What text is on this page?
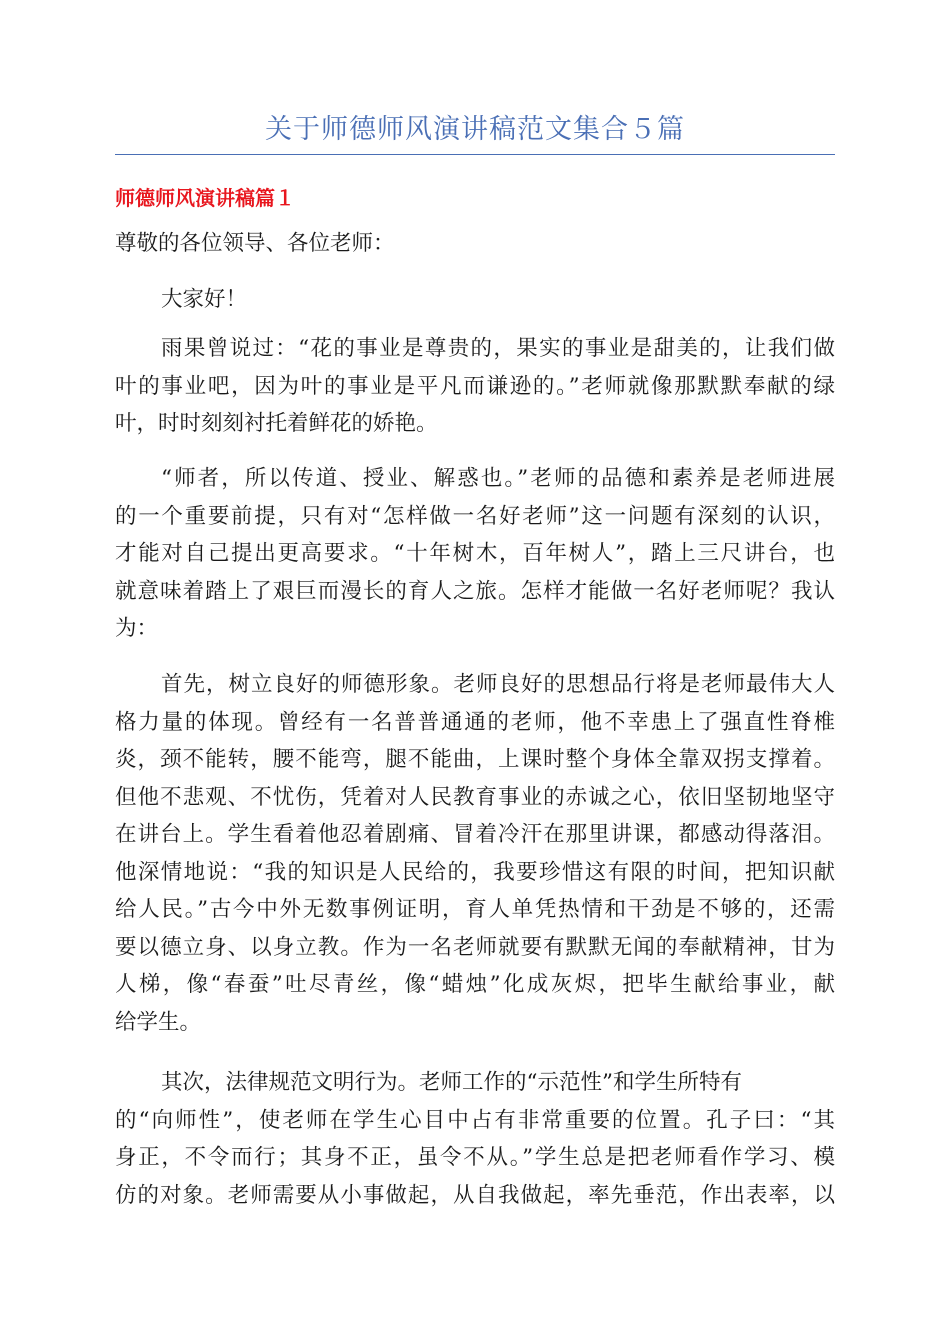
关于师德师风演讲稿范文集合５篇
师德师风演讲稿篇１
尊敬的各位领导、各位老师：
大家好！
雨果曾说过：“花的事业是尊贵的，果实的事业是甜美的，让我们做
叶的事业吧，因为叶的事业是平凡而谦逊的。”老师就像那默默奉献的绿
叶，时时刻刻衬托着鲜花的娇艳。
“师者，所以传道、授业、解惑也。”老师的品德和素养是老师进展
的一个重要前提，只有对“怎样做一名好老师”这一问题有深刻的认识，
才能对自己提出更高要求。“十年树木，百年树人”，踏上三尺讲台，也
就意味着踏上了艰巨而漫长的育人之旅。怎样才能做一名好老师呢？我认
为：
首先，树立良好的师德形象。老师良好的思想品行将是老师最伟大人
格力量的体现。曾经有一名普普通通的老师，他不幸患上了强直性脊椎
炎，颈不能转，腰不能弯，腿不能曲，上课时整个身体全靠双拐支撑着。
但他不悲观、不忧伤，凭着对人民教育事业的赤诚之心，依旧坚韧地坚守
在讲台上。学生看着他忍着剧痛、冒着冷汗在那里讲课，都感动得落泪。
他深情地说：“我的知识是人民给的，我要珍惜这有限的时间，把知识献
给人民。”古今中外无数事例证明，育人单凭热情和干劲是不够的，还需
要以德立身、以身立教。作为一名老师就要有默默无闻的奉献精神，甘为
人梯，像“春蚕”吐尽青丝，像“蜡烛”化成灰烬，把毕生献给事业，献
给学生。
其次，法律规范文明行为。老师工作的“示范性”和学生所特有
的“向师性”，使老师在学生心目中占有非常重要的位置。孔子曰：“其
身正，不令而行；其身不正，虽令不从。”学生总是把老师看作学习、模
仿的对象。老师需要从小事做起，从自我做起，率先垂范，作出表率，以
